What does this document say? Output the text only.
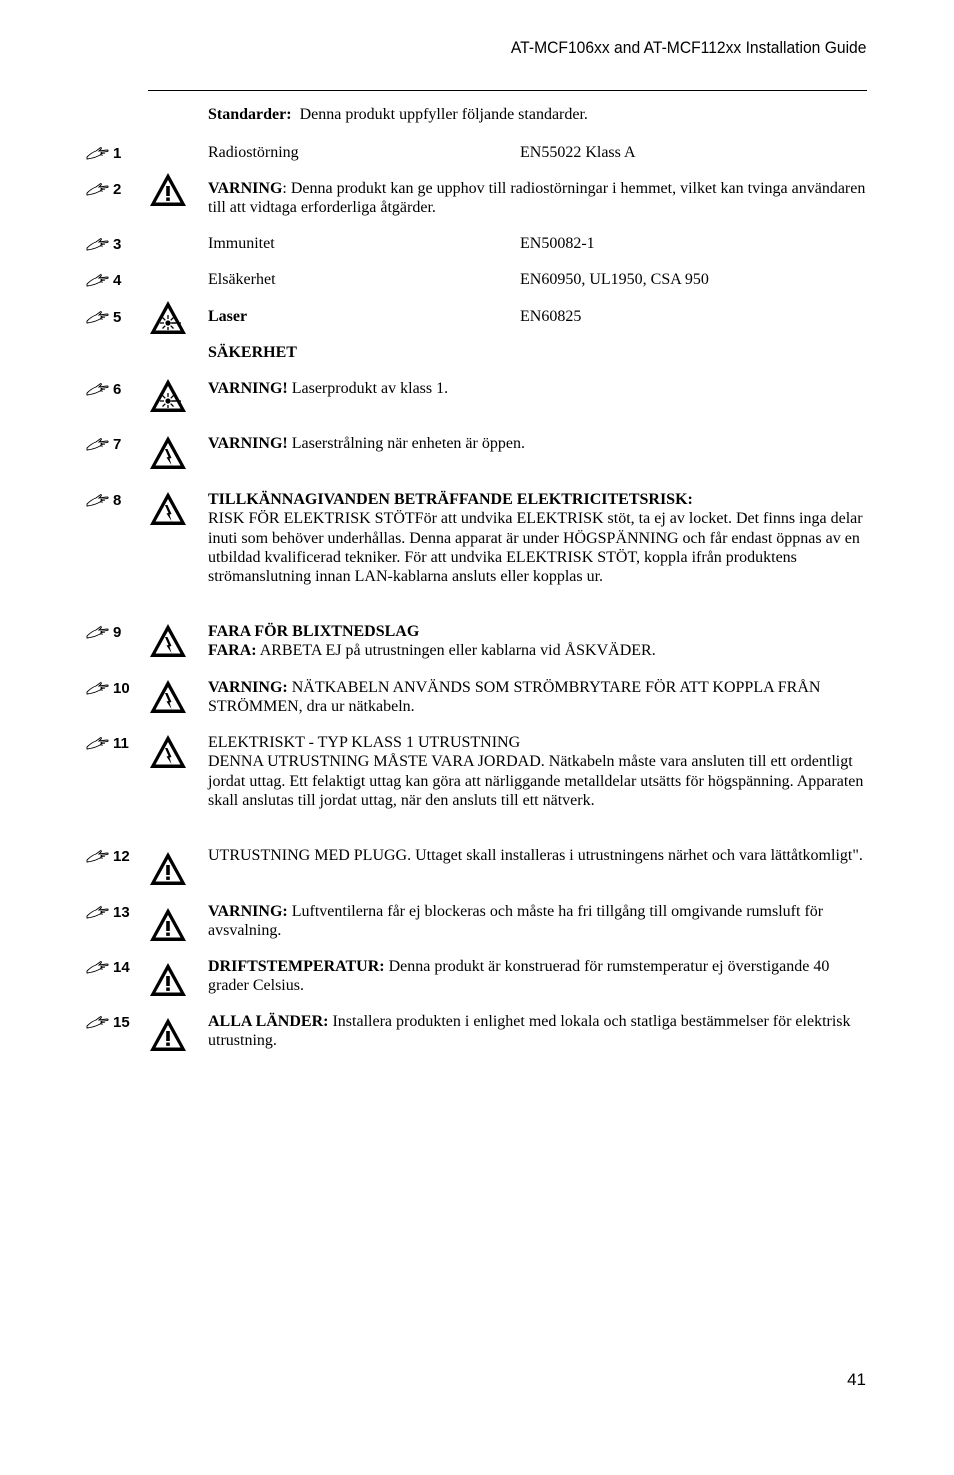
AT-MCF106xx and AT-MCF112xx Installation Guide
Standarder: Denna produkt uppfyller följande standarder.
1	Radiostörning	EN55022 Klass A
2	VARNING: Denna produkt kan ge upphov till radiostörningar i hemmet, vilket kan tvinga användaren till att vidtaga erforderliga åtgärder.
3	Immunitet	EN50082-1
4	Elsäkerhet	EN60950, UL1950, CSA 950
5	Laser	EN60825
SÄKERHET
6	VARNING! Laserprodukt av klass 1.
7	VARNING! Laserstrålning när enheten är öppen.
8	TILLKÄNNAGIVANDEN BETRÄFFANDE ELEKTRICITETSRISK:
RISK FÖR ELEKTRISK STÖTFör att undvika ELEKTRISK stöt, ta ej av locket. Det finns inga delar inuti som behöver underhållas. Denna apparat är under HÖGSPÄNNING och får endast öppnas av en utbildad kvalificerad tekniker. För att undvika ELEKTRISK STÖT, koppla ifrån produktens strömanslutning innan LAN-kablarna ansluts eller kopplas ur.
9	FARA FÖR BLIXTNEDSLAG
FARA: ARBETA EJ på utrustningen eller kablarna vid ÅSKVÄDER.
10	VARNING: NÄTKABELN ANVÄNDS SOM STRÖMBRYTARE FÖR ATT KOPPLA FRÅN STRÖMMEN, dra ur nätkabeln.
11	ELEKTRISKT - TYP KLASS 1 UTRUSTNING
DENNA UTRUSTNING MÅSTE VARA JORDAD. Nätkabeln måste vara ansluten till ett ordentligt jordat uttag. Ett felaktigt uttag kan göra att närliggande metalldelar utsätts för högspänning. Apparaten skall anslutas till jordat uttag, när den ansluts till ett nätverk.
12	UTRUSTNING MED PLUGG. Uttaget skall installeras i utrustningens närhet och vara lättåtkomligt".
13	VARNING: Luftventilerna får ej blockeras och måste ha fri tillgång till omgivande rumsluft för avsvalning.
14	DRIFTSTEMPERATUR: Denna produkt är konstruerad för rumstemperatur ej överstigande 40 grader Celsius.
15	ALLA LÄNDER: Installera produkten i enlighet med lokala och statliga bestämmelser för elektrisk utrustning.
41
